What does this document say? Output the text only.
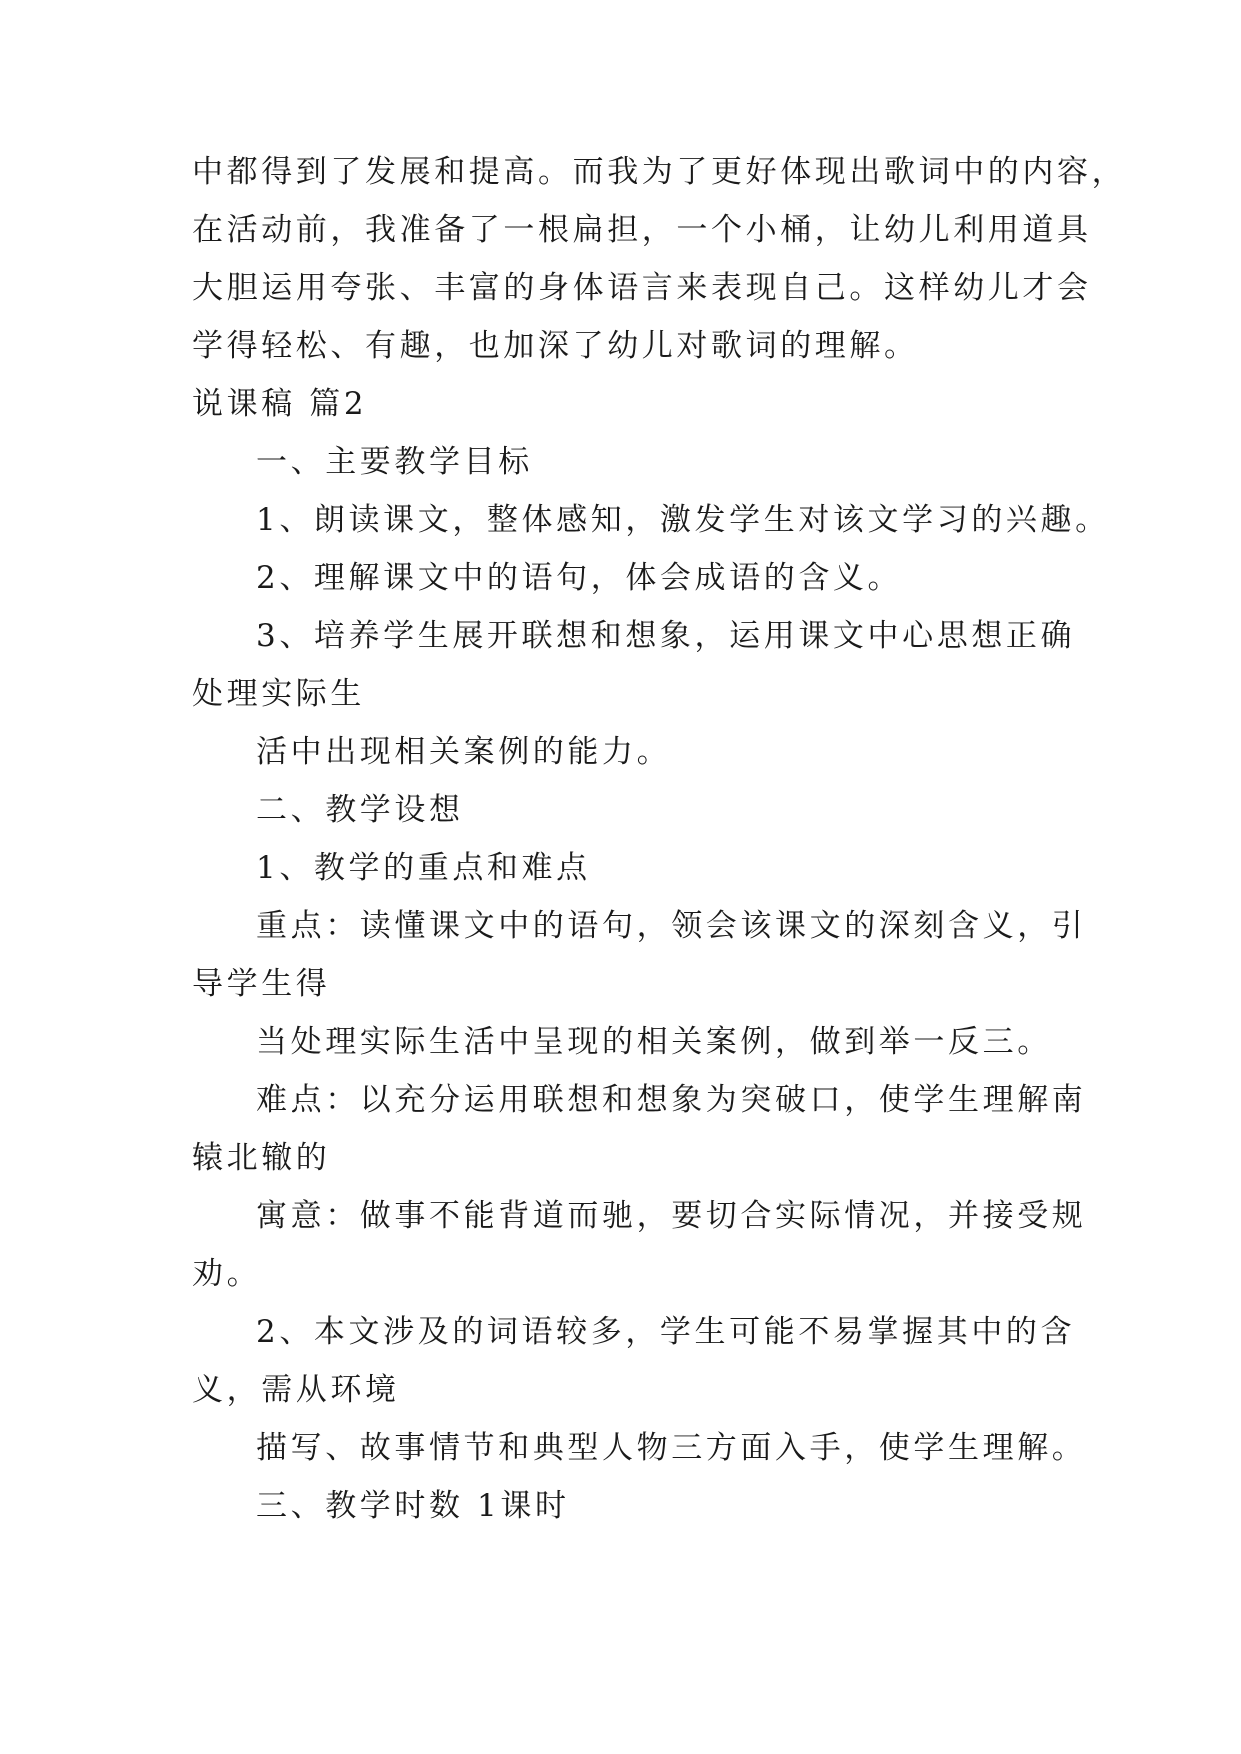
中都得到了发展和提高。而我为了更好体现出歌词中的内容，
在活动前，我准备了一根扁担，一个小桶，让幼儿利用道具
大胆运用夸张、丰富的身体语言来表现自己。这样幼儿才会
学得轻松、有趣，也加深了幼儿对歌词的理解。
说课稿 篇2
一、主要教学目标
1、朗读课文，整体感知，激发学生对该文学习的兴趣。
2、理解课文中的语句，体会成语的含义。
3、培养学生展开联想和想象，运用课文中心思想正确
处理实际生
活中出现相关案例的能力。
二、教学设想
1、教学的重点和难点
重点：读懂课文中的语句，领会该课文的深刻含义，引
导学生得
当处理实际生活中呈现的相关案例，做到举一反三。
难点：以充分运用联想和想象为突破口，使学生理解南
辕北辙的
寓意：做事不能背道而驰，要切合实际情况，并接受规
劝。
2、本文涉及的词语较多，学生可能不易掌握其中的含
义，需从环境
描写、故事情节和典型人物三方面入手，使学生理解。
三、教学时数 1课时
